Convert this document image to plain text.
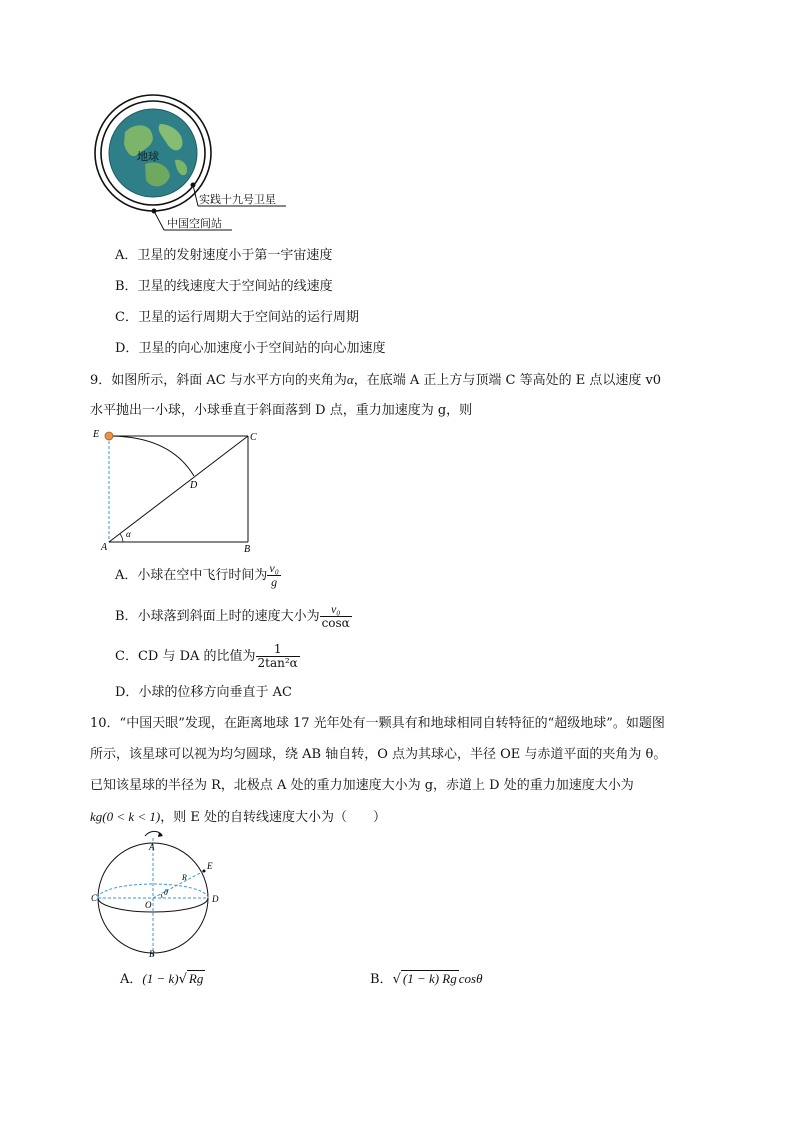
地球
实践十九号卫星
中国空间站
A．卫星的发射速度小于第一宇宙速度
B．卫星的线速度大于空间站的线速度
C．卫星的运行周期大于空间站的运行周期
D．卫星的向心加速度小于空间站的向心加速度
9．如图所示，斜面 AC 与水平方向的夹角为α，在底端 A 正上方与顶端 C 等高处的 E 点以速度 v0
水平抛出一小球，小球垂直于斜面落到 D 点，重力加速度为 g，则
E	C
D
A	B
α
A．小球在空中飞行时间为 $\frac{\text{v₀}}{g}$
B．小球落到斜面上时的速度大小为 $\frac{\text{v₀}}{\cos\alpha}$
C．CD 与 DA 的比值为 $\frac{1}{\text{2tan²α}}$
D．小球的位移方向垂直于 AC
10．“中国天眼”发现，在距离地球 17 光年处有一颗具有和地球相同自转特征的“超级地球”。如题图
所示，该星球可以视为均匀圆球，绕 AB 轴自转，O 点为其球心，半径 OE 与赤道平面的夹角为 θ。
已知该星球的半径为 R，北极点 A 处的重力加速度大小为 g，赤道上 D 处的重力加速度大小为
kg(0 < k < 1)，则 E 处的自转线速度大小为（　　）
A
B
C	D
E
O
R
θ
A．(1 − k)√ Rg	B．√ (1 − k) Rg cosθ
